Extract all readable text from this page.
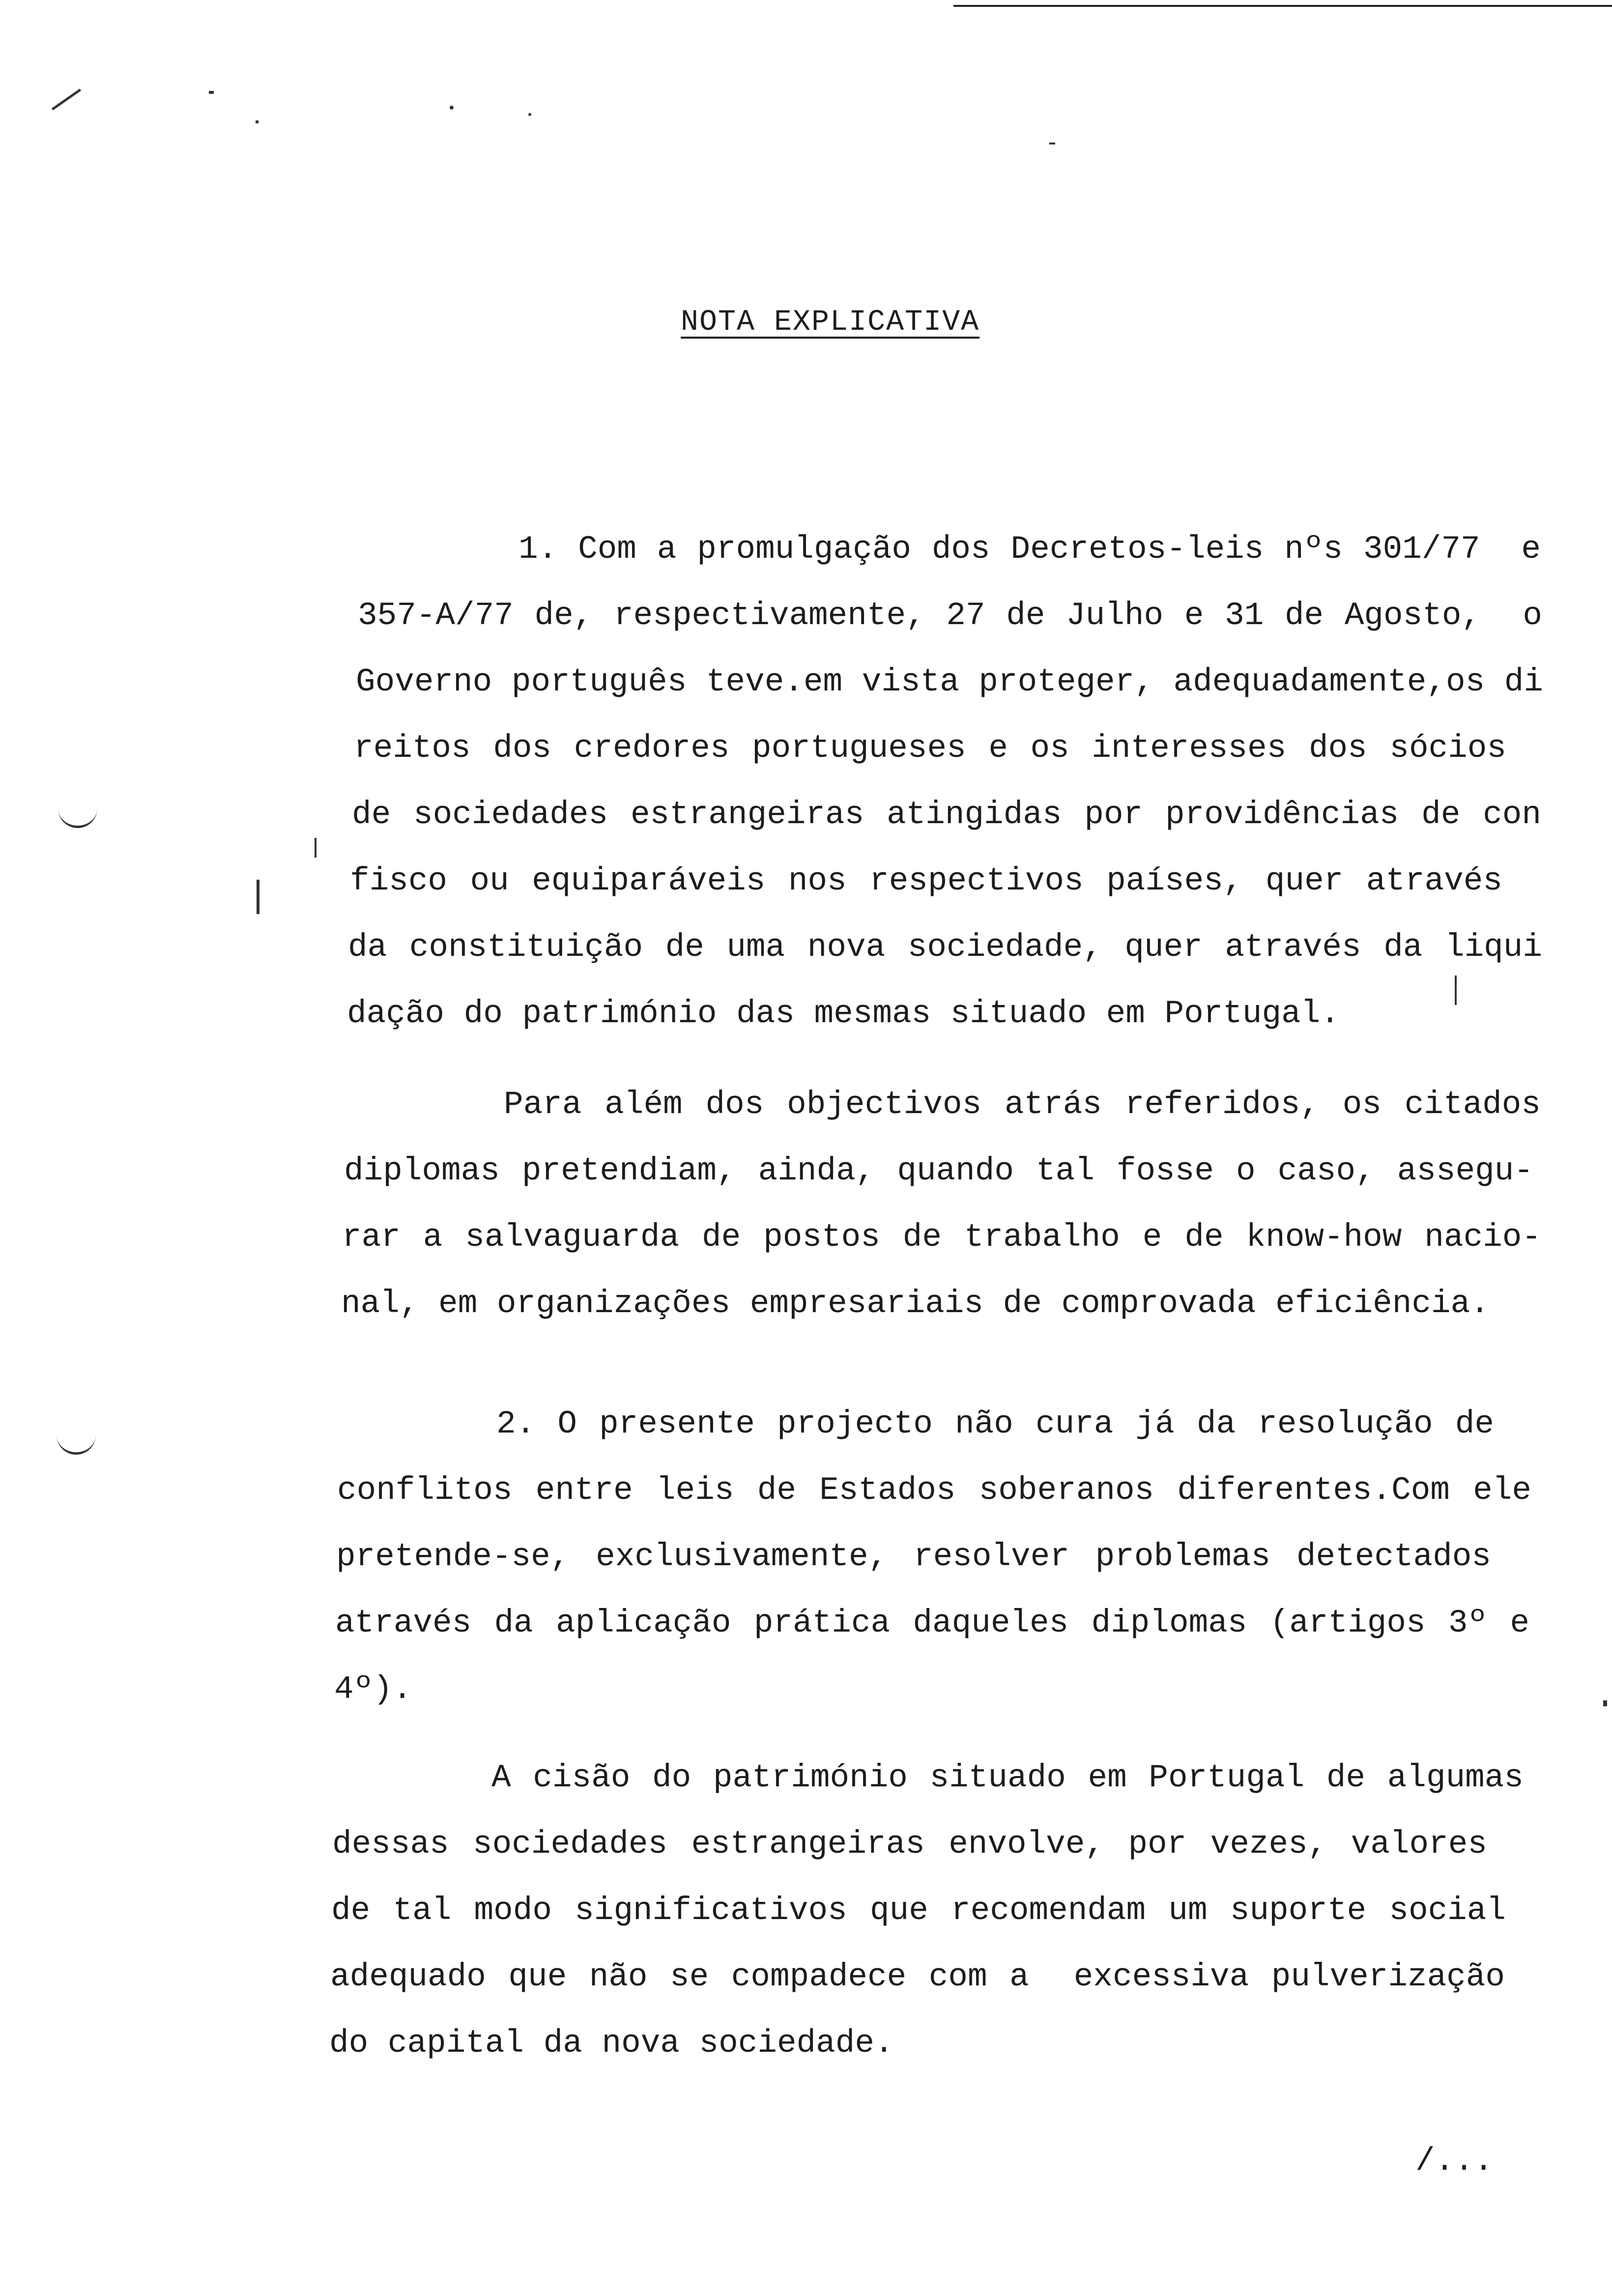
NOTA EXPLICATIVA
1. Com a promulgação dos Decretos-leis nºs 301/77  e
357-A/77 de, respectivamente, 27 de Julho e 31 de Agosto,  o
Governo português teve.em vista proteger, adequadamente,os di
reitos dos credores portugueses e os interesses dos sócios
de sociedades estrangeiras atingidas por providências de con
fisco ou equiparáveis nos respectivos países, quer através
da constituição de uma nova sociedade, quer através da liqui
dação do património das mesmas situado em Portugal.
Para além dos objectivos atrás referidos, os citados
diplomas pretendiam, ainda, quando tal fosse o caso, assegu-
rar a salvaguarda de postos de trabalho e de know-how nacio-
nal, em organizações empresariais de comprovada eficiência.
2. O presente projecto não cura já da resolução de
conflitos entre leis de Estados soberanos diferentes.Com ele
pretende-se, exclusivamente, resolver problemas detectados
através da aplicação prática daqueles diplomas (artigos 3º e
4º).
A cisão do património situado em Portugal de algumas
dessas sociedades estrangeiras envolve, por vezes, valores
de tal modo significativos que recomendam um suporte social
adequado que não se compadece com a  excessiva pulverização
do capital da nova sociedade.
/...
